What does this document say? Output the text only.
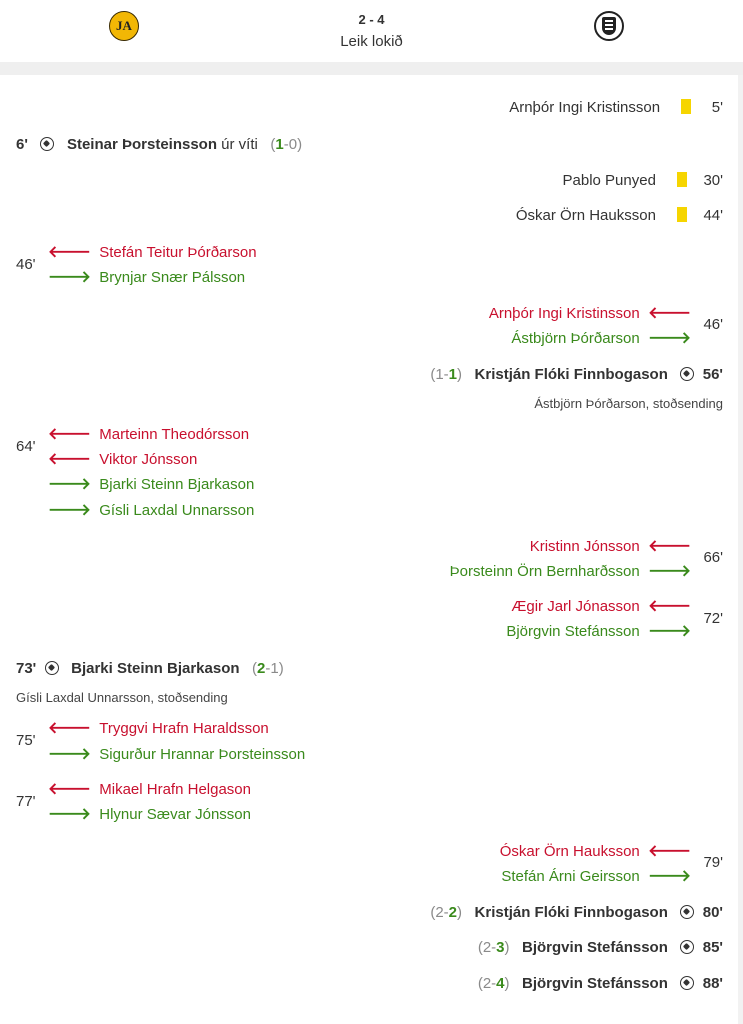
JA	2 - 4
Leik lokið
Arnþór Ingi Kristinsson	5'
6'	Steinar Þorsteinsson úr víti (1-0)
Pablo Punyed	30'
Óskar Örn Hauksson	44'
46'
🡐 Stefán Teitur Þórðarson
🡒 Brynjar Snær Pálsson
46'
Arnþór Ingi Kristinsson 🡐
Ástbjörn Þórðarson 🡒
(1-1) Kristján Flóki Finnbogason 56'
Ástbjörn Þórðarson, stoðsending
64'
🡐 Marteinn Theodórsson
🡐 Viktor Jónsson
🡒 Bjarki Steinn Bjarkason
🡒 Gísli Laxdal Unnarsson
66'
Kristinn Jónsson 🡐
Þorsteinn Örn Bernharðsson 🡒
72'
Ægir Jarl Jónasson 🡐
Björgvin Stefánsson 🡒
73' Bjarki Steinn Bjarkason (2-1)
Gísli Laxdal Unnarsson, stoðsending
75'
🡐 Tryggvi Hrafn Haraldsson
🡒 Sigurður Hrannar Þorsteinsson
77'
🡐 Mikael Hrafn Helgason
🡒 Hlynur Sævar Jónsson
79'
Óskar Örn Hauksson 🡐
Stefán Árni Geirsson 🡒
(2-2) Kristján Flóki Finnbogason 80'
(2-3) Björgvin Stefánsson 85'
(2-4) Björgvin Stefánsson 88'
